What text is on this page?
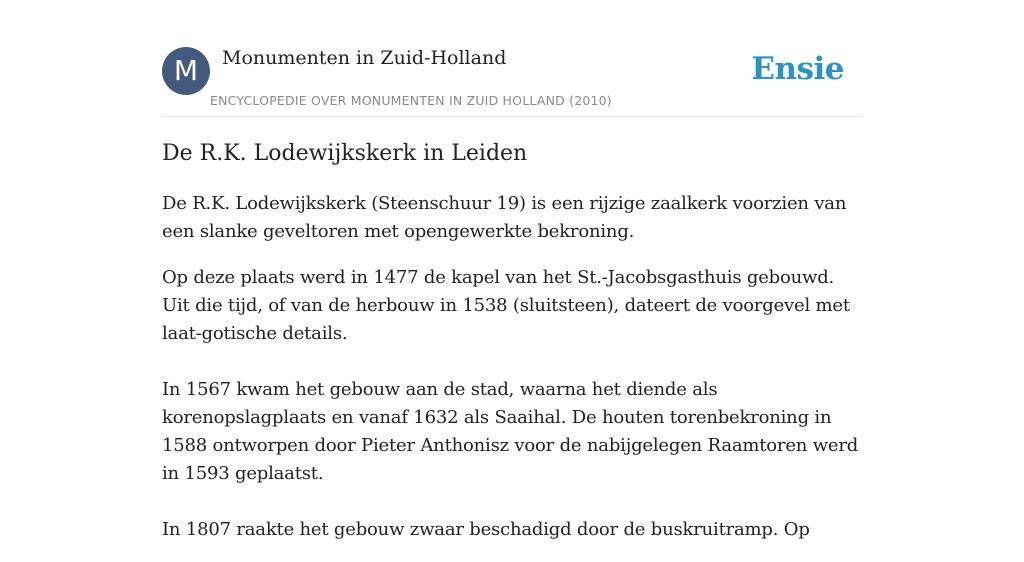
M	Monumenten in Zuid-Holland
ENCYCLOPEDIE OVER MONUMENTEN IN ZUID HOLLAND (2010)
Ensie
De R.K. Lodewijkskerk in Leiden

De R.K. Lodewijkskerk (Steenschuur 19) is een rijzige zaalkerk voorzien van een slanke geveltoren met opengewerkte bekroning.

Op deze plaats werd in 1477 de kapel van het St.-Jacobsgasthuis gebouwd. Uit die tijd, of van de herbouw in 1538 (sluitsteen), dateert de voorgevel met laat-gotische details.

In 1567 kwam het gebouw aan de stad, waarna het diende als korenopslagplaats en vanaf 1632 als Saaihal. De houten torenbekroning in 1588 ontworpen door Pieter Anthonisz voor de nabijgelegen Raamtoren werd in 1593 geplaatst.

In 1807 raakte het gebouw zwaar beschadigd door de buskruitramp. Op
